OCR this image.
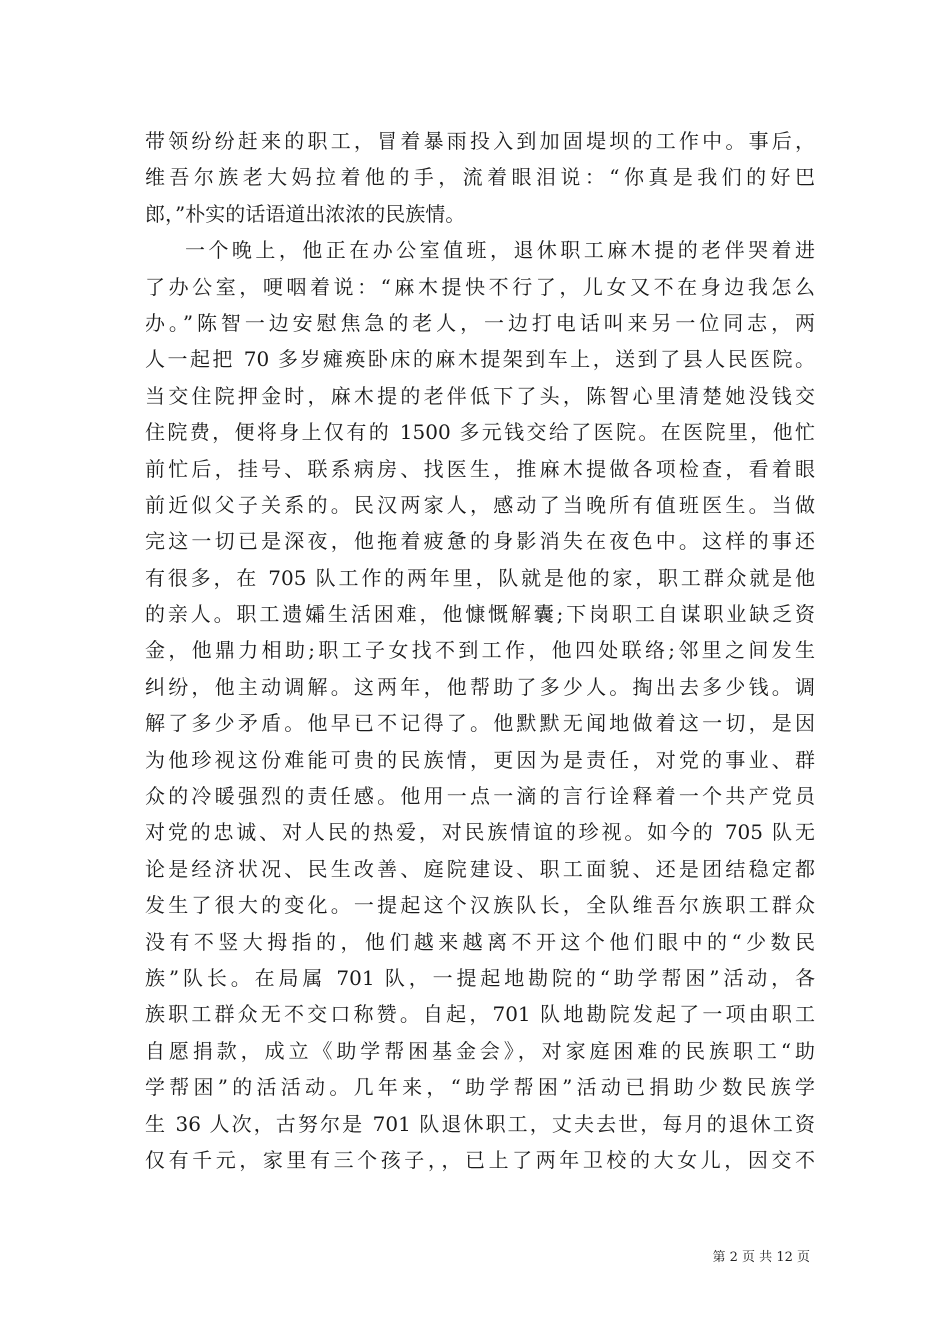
带领纷纷赶来的职工，冒着暴雨投入到加固堤坝的工作中。事后，
维吾尔族老大妈拉着他的手，流着眼泪说：“你真是我们的好巴
郎，”朴实的话语道出浓浓的民族情。
一个晚上，他正在办公室值班，退休职工麻木提的老伴哭着进
了办公室，哽咽着说：“麻木提快不行了，儿女又不在身边我怎么
办。”陈智一边安慰焦急的老人，一边打电话叫来另一位同志，两
人一起把 70 多岁瘫痪卧床的麻木提架到车上，送到了县人民医院。
当交住院押金时，麻木提的老伴低下了头，陈智心里清楚她没钱交
住院费，便将身上仅有的 1500 多元钱交给了医院。在医院里，他忙
前忙后，挂号、联系病房、找医生，推麻木提做各项检查，看着眼
前近似父子关系的。民汉两家人，感动了当晚所有值班医生。当做
完这一切已是深夜，他拖着疲惫的身影消失在夜色中。这样的事还
有很多，在 705 队工作的两年里，队就是他的家，职工群众就是他
的亲人。职工遗孀生活困难，他慷慨解囊;下岗职工自谋职业缺乏资
金，他鼎力相助;职工子女找不到工作，他四处联络;邻里之间发生
纠纷，他主动调解。这两年，他帮助了多少人。掏出去多少钱。调
解了多少矛盾。他早已不记得了。他默默无闻地做着这一切，是因
为他珍视这份难能可贵的民族情，更因为是责任，对党的事业、群
众的冷暖强烈的责任感。他用一点一滴的言行诠释着一个共产党员
对党的忠诚、对人民的热爱，对民族情谊的珍视。如今的 705 队无
论是经济状况、民生改善、庭院建设、职工面貌、还是团结稳定都
发生了很大的变化。一提起这个汉族队长，全队维吾尔族职工群众
没有不竖大拇指的，他们越来越离不开这个他们眼中的“少数民
族”队长。在局属 701 队，一提起地勘院的“助学帮困”活动，各
族职工群众无不交口称赞。自起，701 队地勘院发起了一项由职工
自愿捐款，成立《助学帮困基金会》，对家庭困难的民族职工“助
学帮困”的活活动。几年来，“助学帮困”活动已捐助少数民族学
生 36 人次，古努尔是 701 队退休职工，丈夫去世，每月的退休工资
仅有千元，家里有三个孩子，，已上了两年卫校的大女儿，因交不
第 2 页 共 12 页
